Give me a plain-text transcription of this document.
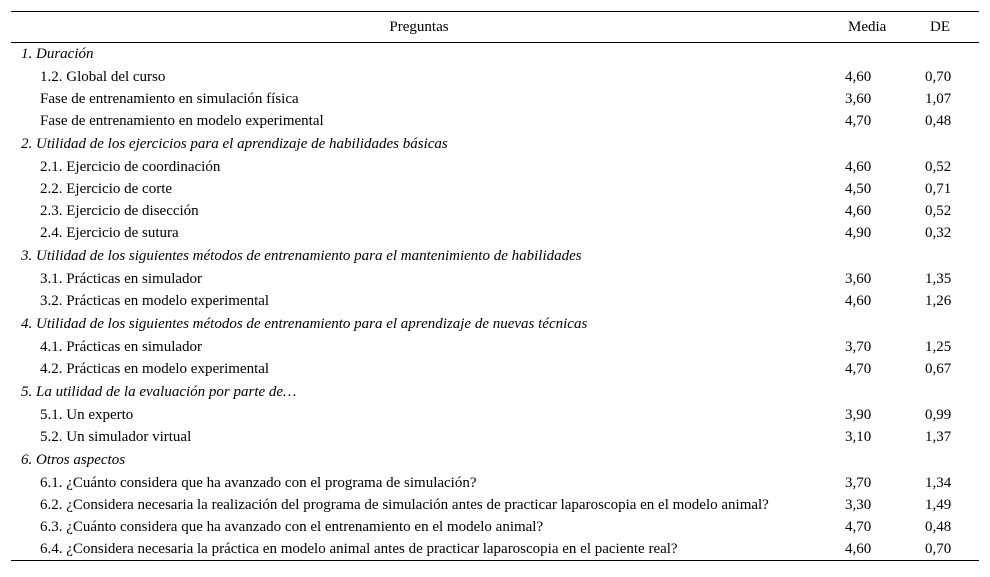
Preguntas	Media	DE
1. Duración		
1.2. Global del curso	4,60	0,70
Fase de entrenamiento en simulación física	3,60	1,07
Fase de entrenamiento en modelo experimental	4,70	0,48
2. Utilidad de los ejercicios para el aprendizaje de habilidades básicas		
2.1. Ejercicio de coordinación	4,60	0,52
2.2. Ejercicio de corte	4,50	0,71
2.3. Ejercicio de disección	4,60	0,52
2.4. Ejercicio de sutura	4,90	0,32
3. Utilidad de los siguientes métodos de entrenamiento para el mantenimiento de habilidades		
3.1. Prácticas en simulador	3,60	1,35
3.2. Prácticas en modelo experimental	4,60	1,26
4. Utilidad de los siguientes métodos de entrenamiento para el aprendizaje de nuevas técnicas		
4.1. Prácticas en simulador	3,70	1,25
4.2. Prácticas en modelo experimental	4,70	0,67
5. La utilidad de la evaluación por parte de…		
5.1. Un experto	3,90	0,99
5.2. Un simulador virtual	3,10	1,37
6. Otros aspectos		
6.1. ¿Cuánto considera que ha avanzado con el programa de simulación?	3,70	1,34
6.2. ¿Considera necesaria la realización del programa de simulación antes de practicar laparoscopia en el modelo animal?	3,30	1,49
6.3. ¿Cuánto considera que ha avanzado con el entrenamiento en el modelo animal?	4,70	0,48
6.4. ¿Considera necesaria la práctica en modelo animal antes de practicar laparoscopia en el paciente real?	4,60	0,70
